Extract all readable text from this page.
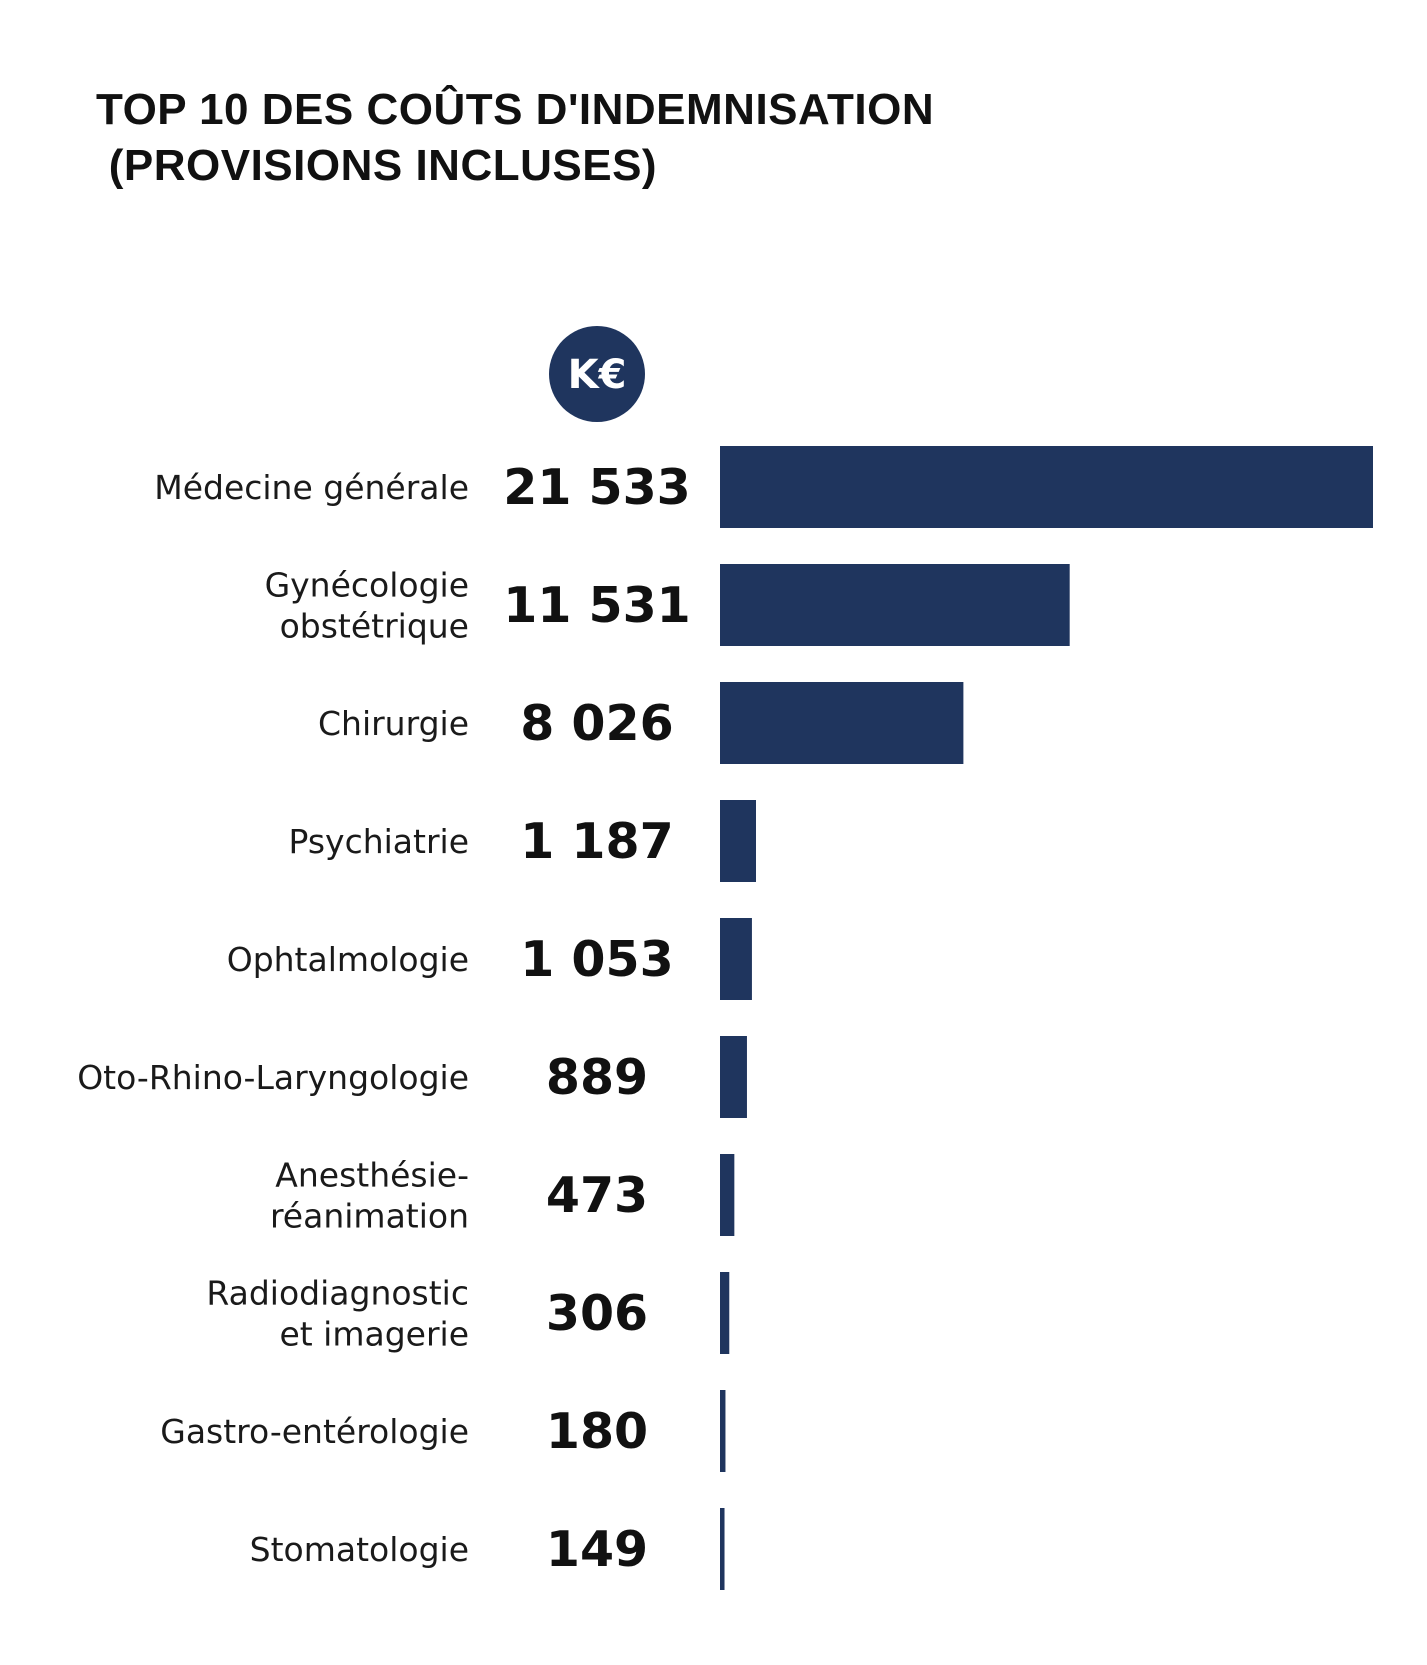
TOP 10 DES COÛTS D'INDEMNISATION
(PROVISIONS INCLUSES)
K€
Médecine générale 21 533
Gynécologie obstétrique 11 531
Chirurgie 8 026
Psychiatrie 1 187
Ophtalmologie 1 053
Oto-Rhino-Laryngologie 889
Anesthésie-réanimation 473
Radiodiagnostic et imagerie 306
Gastro-entérologie 180
Stomatologie 149
